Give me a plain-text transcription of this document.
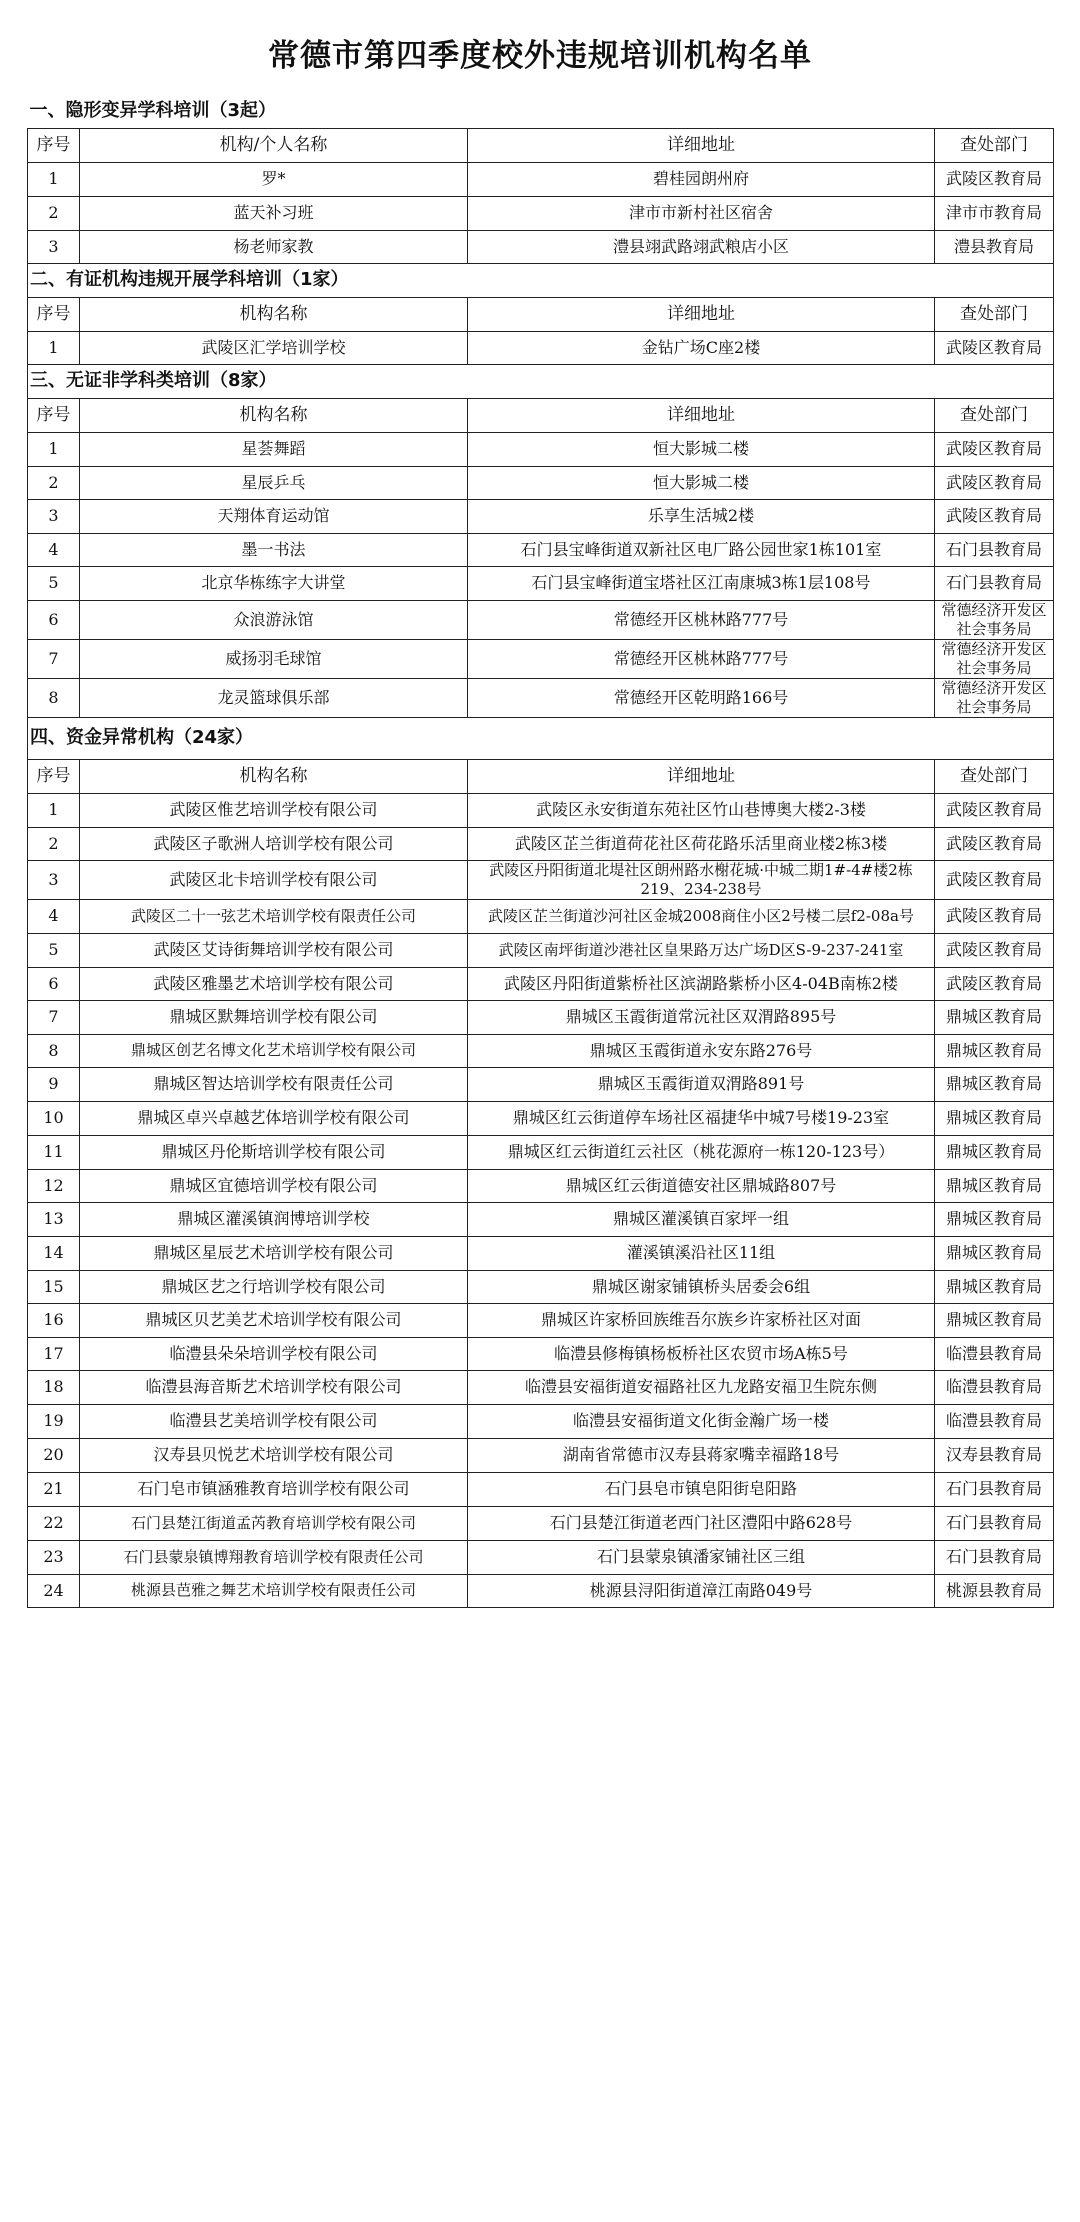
常德市第四季度校外违规培训机构名单
一、隐形变异学科培训（3起）			
序号	机构/个人名称	详细地址	查处部门
1	罗*	碧桂园朗州府	武陵区教育局
2	蓝天补习班	津市市新村社区宿舍	津市市教育局
3	杨老师家教	澧县翊武路翊武粮店小区	澧县教育局
二、有证机构违规开展学科培训（1家）			
序号	机构名称	详细地址	查处部门
1	武陵区汇学培训学校	金钻广场C座2楼	武陵区教育局
三、无证非学科类培训（8家）			
序号	机构名称	详细地址	查处部门
1	星荟舞蹈	恒大影城二楼	武陵区教育局
2	星辰乒乓	恒大影城二楼	武陵区教育局
3	天翔体育运动馆	乐享生活城2楼	武陵区教育局
4	墨一书法	石门县宝峰街道双新社区电厂路公园世家1栋101室	石门县教育局
5	北京华栋练字大讲堂	石门县宝峰街道宝塔社区江南康城3栋1层108号	石门县教育局
6	众浪游泳馆	常德经开区桃林路777号	常德经济开发区社会事务局
7	威扬羽毛球馆	常德经开区桃林路777号	常德经济开发区社会事务局
8	龙灵篮球俱乐部	常德经开区乾明路166号	常德经济开发区社会事务局
四、资金异常机构（24家）			
序号	机构名称	详细地址	查处部门
1	武陵区惟艺培训学校有限公司	武陵区永安街道东苑社区竹山巷博奥大楼2-3楼	武陵区教育局
2	武陵区子歌洲人培训学校有限公司	武陵区芷兰街道荷花社区荷花路乐活里商业楼2栋3楼	武陵区教育局
3	武陵区北卡培训学校有限公司	武陵区丹阳街道北堤社区朗州路水榭花城·中城二期1#-4#楼2栋219、234-238号	武陵区教育局
4	武陵区二十一弦艺术培训学校有限责任公司	武陵区芷兰街道沙河社区金城2008商住小区2号楼二层f2-08a号	武陵区教育局
5	武陵区艾诗街舞培训学校有限公司	武陵区南坪街道沙港社区皇果路万达广场D区S-9-237-241室	武陵区教育局
6	武陵区雅墨艺术培训学校有限公司	武陵区丹阳街道紫桥社区滨湖路紫桥小区4-04B南栋2楼	武陵区教育局
7	鼎城区默舞培训学校有限公司	鼎城区玉霞街道常沅社区双渭路895号	鼎城区教育局
8	鼎城区创艺名博文化艺术培训学校有限公司	鼎城区玉霞街道永安东路276号	鼎城区教育局
9	鼎城区智达培训学校有限责任公司	鼎城区玉霞街道双渭路891号	鼎城区教育局
10	鼎城区卓兴卓越艺体培训学校有限公司	鼎城区红云街道停车场社区福捷华中城7号楼19-23室	鼎城区教育局
11	鼎城区丹伦斯培训学校有限公司	鼎城区红云街道红云社区（桃花源府一栋120-123号）	鼎城区教育局
12	鼎城区宜德培训学校有限公司	鼎城区红云街道德安社区鼎城路807号	鼎城区教育局
13	鼎城区灌溪镇润博培训学校	鼎城区灌溪镇百家坪一组	鼎城区教育局
14	鼎城区星辰艺术培训学校有限公司	灌溪镇溪沿社区11组	鼎城区教育局
15	鼎城区艺之行培训学校有限公司	鼎城区谢家铺镇桥头居委会6组	鼎城区教育局
16	鼎城区贝艺美艺术培训学校有限公司	鼎城区许家桥回族维吾尔族乡许家桥社区对面	鼎城区教育局
17	临澧县朵朵培训学校有限公司	临澧县修梅镇杨板桥社区农贸市场A栋5号	临澧县教育局
18	临澧县海音斯艺术培训学校有限公司	临澧县安福街道安福路社区九龙路安福卫生院东侧	临澧县教育局
19	临澧县艺美培训学校有限公司	临澧县安福街道文化街金瀚广场一楼	临澧县教育局
20	汉寿县贝悦艺术培训学校有限公司	湖南省常德市汉寿县蒋家嘴幸福路18号	汉寿县教育局
21	石门皂市镇涵雅教育培训学校有限公司	石门县皂市镇皂阳街皂阳路	石门县教育局
22	石门县楚江街道孟芮教育培训学校有限公司	石门县楚江街道老西门社区澧阳中路628号	石门县教育局
23	石门县蒙泉镇博翔教育培训学校有限责任公司	石门县蒙泉镇潘家铺社区三组	石门县教育局
24	桃源县芭雅之舞艺术培训学校有限责任公司	桃源县浔阳街道漳江南路049号	桃源县教育局
